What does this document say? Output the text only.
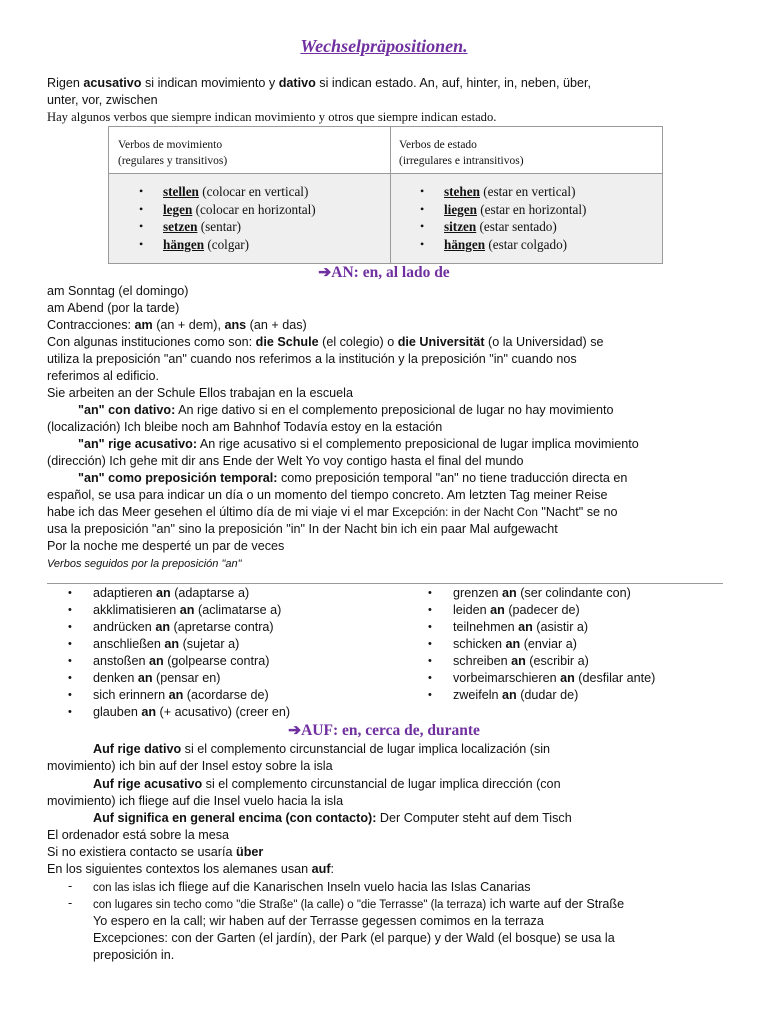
Wechselpräpositionen.
Rigen acusativo si indican movimiento y dativo si indican estado. An, auf, hinter, in, neben, über,
unter, vor, zwischen
Hay algunos verbos que siempre indican movimiento y otros que siempre indican estado.
Verbos de movimiento
(regulares y transitivos)
Verbos de estado
(irregulares e intransitivos)
• stellen (colocar en vertical)
• legen (colocar en horizontal)
• setzen (sentar)
• hängen (colgar)
• stehen (estar en vertical)
• liegen (estar en horizontal)
• sitzen (estar sentado)
• hängen (estar colgado)
➔AN: en, al lado de
am Sonntag (el domingo)
am Abend (por la tarde)
Contracciones: am (an + dem), ans (an + das)
Con algunas instituciones como son: die Schule (el colegio) o die Universität (o la Universidad) se
utiliza la preposición "an" cuando nos referimos a la institución y la preposición "in" cuando nos
referimos al edificio.
Sie arbeiten an der Schule Ellos trabajan en la escuela
"an" con dativo: An rige dativo si en el complemento preposicional de lugar no hay movimiento
(localización) Ich bleibe noch am Bahnhof Todavía estoy en la estación
"an" rige acusativo: An rige acusativo si el complemento preposicional de lugar implica movimiento
(dirección) Ich gehe mit dir ans Ende der Welt Yo voy contigo hasta el final del mundo
"an" como preposición temporal: como preposición temporal "an" no tiene traducción directa en
español, se usa para indicar un día o un momento del tiempo concreto. Am letzten Tag meiner Reise
habe ich das Meer gesehen el último día de mi viaje vi el mar Excepción: in der Nacht Con "Nacht" se no
usa la preposición "an" sino la preposición "in" In der Nacht bin ich ein paar Mal aufgewacht
Por la noche me desperté un par de veces
Verbos seguidos por la preposición "an"
• adaptieren an (adaptarse a)
• akklimatisieren an (aclimatarse a)
• andrücken an (apretarse contra)
• anschließen an (sujetar a)
• anstoßen an (golpearse contra)
• denken an (pensar en)
• sich erinnern an (acordarse de)
• glauben an (+ acusativo) (creer en)
• grenzen an (ser colindante con)
• leiden an (padecer de)
• teilnehmen an (asistir a)
• schicken an (enviar a)
• schreiben an (escribir a)
• vorbeimarschieren an (desfilar ante)
• zweifeln an (dudar de)
➔AUF: en, cerca de, durante
Auf rige dativo si el complemento circunstancial de lugar implica localización (sin
movimiento) ich bin auf der Insel estoy sobre la isla
Auf rige acusativo si el complemento circunstancial de lugar implica dirección (con
movimiento) ich fliege auf die Insel vuelo hacia la isla
Auf significa en general encima (con contacto): Der Computer steht auf dem Tisch
El ordenador está sobre la mesa
Si no existiera contacto se usaría über
En los siguientes contextos los alemanes usan auf:
- con las islas ich fliege auf die Kanarischen Inseln vuelo hacia las Islas Canarias
- con lugares sin techo como "die Straße" (la calle) o "die Terrasse" (la terraza) ich warte auf der Straße
Yo espero en la call; wir haben auf der Terrasse gegessen comimos en la terraza
Excepciones: con der Garten (el jardín), der Park (el parque) y der Wald (el bosque) se usa la
preposición in.
